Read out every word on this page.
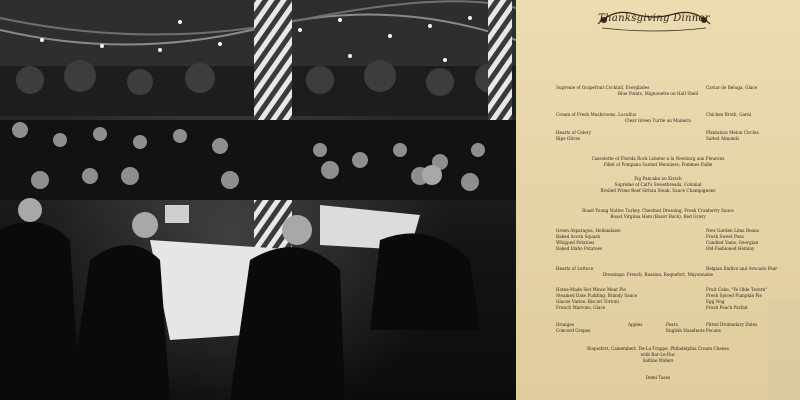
Thanksgiving Dinner
Supreme of Grapefruit Cocktail, Everglades	Caviar de Beluga, Glace
Blue Points, Mignonette on Half Shell
Cream of Fresh Mushrooms, Lucullus	Chicken Broth, Garni
Clear Green Turtle au Madeira
Hearts of Celery	Plantation Melon Circles
Ripe Olives	Salted Almonds
Cassolette of Florida Rock Lobster a la Newburg aux Fleurons
Fillet of Pompano Sauted Meuniere, Pommes Paille
Fig Pancake au Kirsch
Supreme of Calf's Sweetbreads, Colonial
Broiled Prime Beef Sirloin Steak, Sauce Champignons
Roast Young Native Turkey, Chestnut Dressing, Fresh Cranberry Sauce
Roast Virginia Ham (Razor Back), Red Gravy
Green Asparagus, Hollandaise	New Garden Lima Beans
Baked Acorn Squash	Fresh Sweet Peas
Whipped Potatoes	Candied Yams, Georgian
Baked Idaho Potatoes	Old-Fashioned Hominy
Hearts of Lettuce	Belgian Endive and Avocado Pear
Dressings: French, Russian, Roquefort, Mayonnaise
Home-Made Hot Mince Meat Pie	Fruit Cake, "Ye Olde Tavern"
Steamed Date Pudding, Brandy Sauce	Fresh Spiced Pumpkin Pie
Glacee Varies: Biscuit Tortoni	Egg Nog
French Marrons, Glace	Fresh Peach Parfait
Oranges	Apples	Pears	Pitted Dromedary Dates
Concord Grapes	English Hazelnuts Pecans
Roquefort, Camembert, De-La-Trappe, Philadelphia Cream Cheese
with Bar-Le-Duc
Saltine Wafers
Demi Tasse
